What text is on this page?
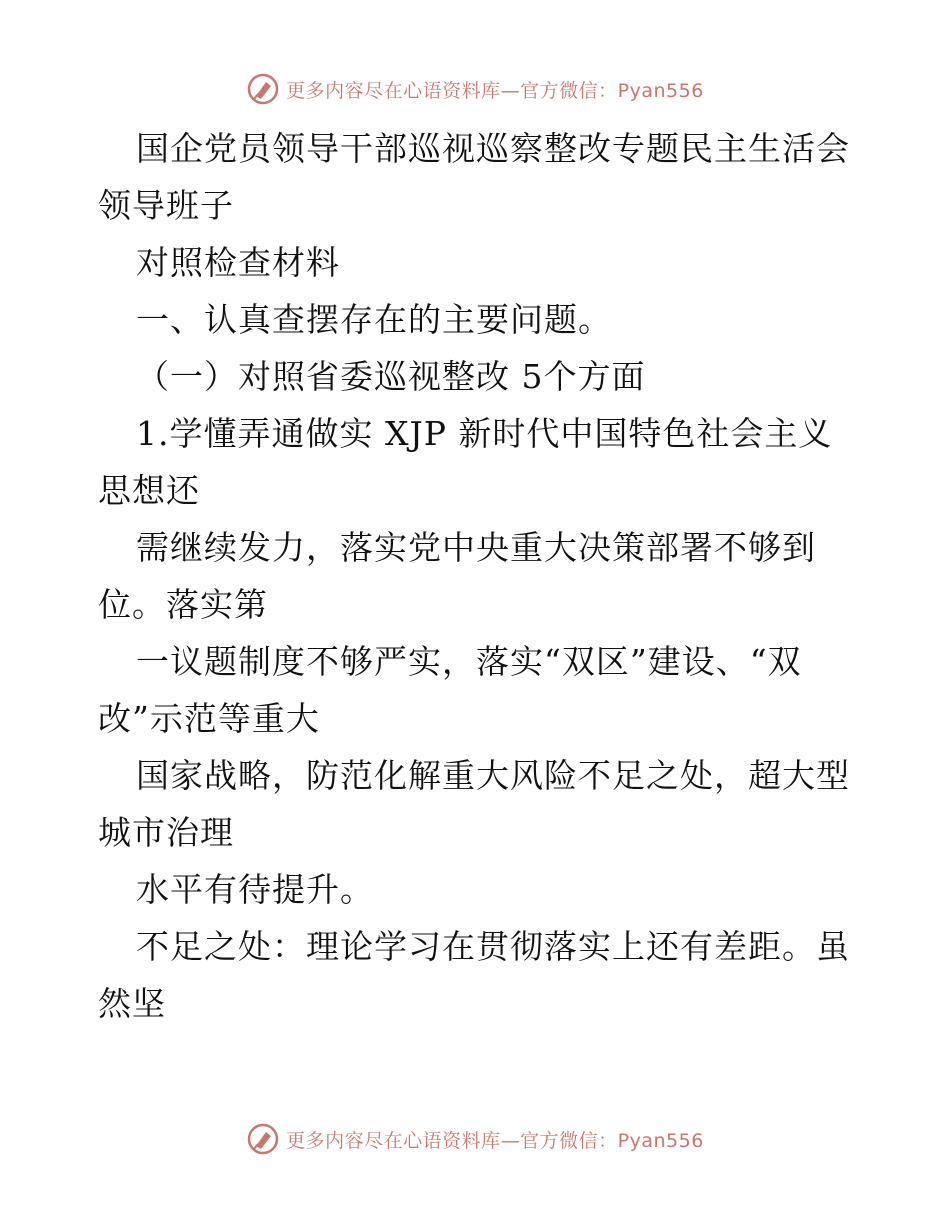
更多内容尽在心语资料库—官方微信：Pyan556
国企党员领导干部巡视巡察整改专题民主生活会
领导班子
对照检查材料
一、认真查摆存在的主要问题。
（一）对照省委巡视整改 5个方面
1.学懂弄通做实 XJP 新时代中国特色社会主义
思想还
需继续发力，落实党中央重大决策部署不够到
位。落实第
一议题制度不够严实，落实“双区”建设、“双
改”示范等重大
国家战略，防范化解重大风险不足之处，超大型
城市治理
水平有待提升。
不足之处：理论学习在贯彻落实上还有差距。虽
然坚
更多内容尽在心语资料库—官方微信：Pyan556
